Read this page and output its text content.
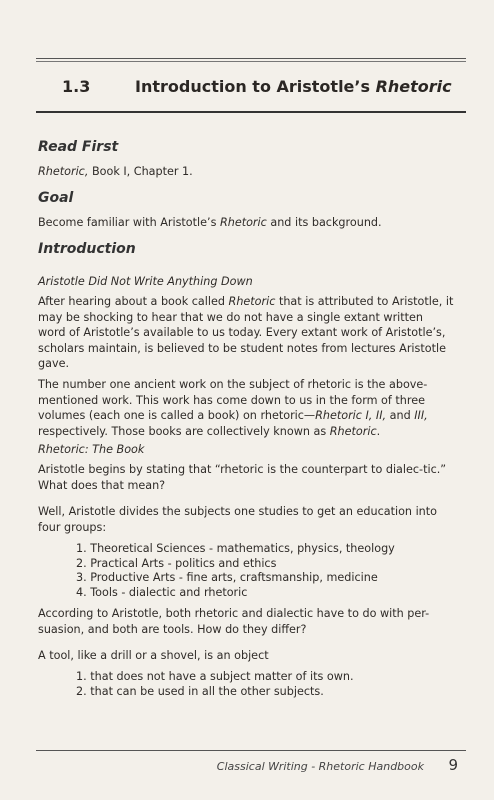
1.3	Introduction to Aristotle’s Rhetoric
Read First
Rhetoric, Book I, Chapter 1.
Goal
Become familiar with Aristotle’s Rhetoric and its background.
Introduction
Aristotle Did Not Write Anything Down
After hearing about a book called Rhetoric that is attributed to Aristotle, it may be shocking to hear that we do not have a single extant written word of Aristotle’s available to us today. Every extant work of Aristotle’s, scholars maintain, is believed to be student notes from lectures Aristotle gave.
The number one ancient work on the subject of rhetoric is the above-mentioned work. This work has come down to us in the form of three volumes (each one is called a book) on rhetoric—Rhetoric I, II, and III, respectively. Those books are collectively known as Rhetoric.
Rhetoric: The Book
Aristotle begins by stating that “rhetoric is the counterpart to dialec-tic.” What does that mean?
Well, Aristotle divides the subjects one studies to get an education into four groups:
1. Theoretical Sciences - mathematics, physics, theology
2. Practical Arts - politics and ethics
3. Productive Arts - fine arts, craftsmanship, medicine
4. Tools - dialectic and rhetoric
According to Aristotle, both rhetoric and dialectic have to do with per-suasion, and both are tools. How do they differ?
A tool, like a drill or a shovel, is an object
1. that does not have a subject matter of its own.
2. that can be used in all the other subjects.
Classical Writing - Rhetoric Handbook 9
